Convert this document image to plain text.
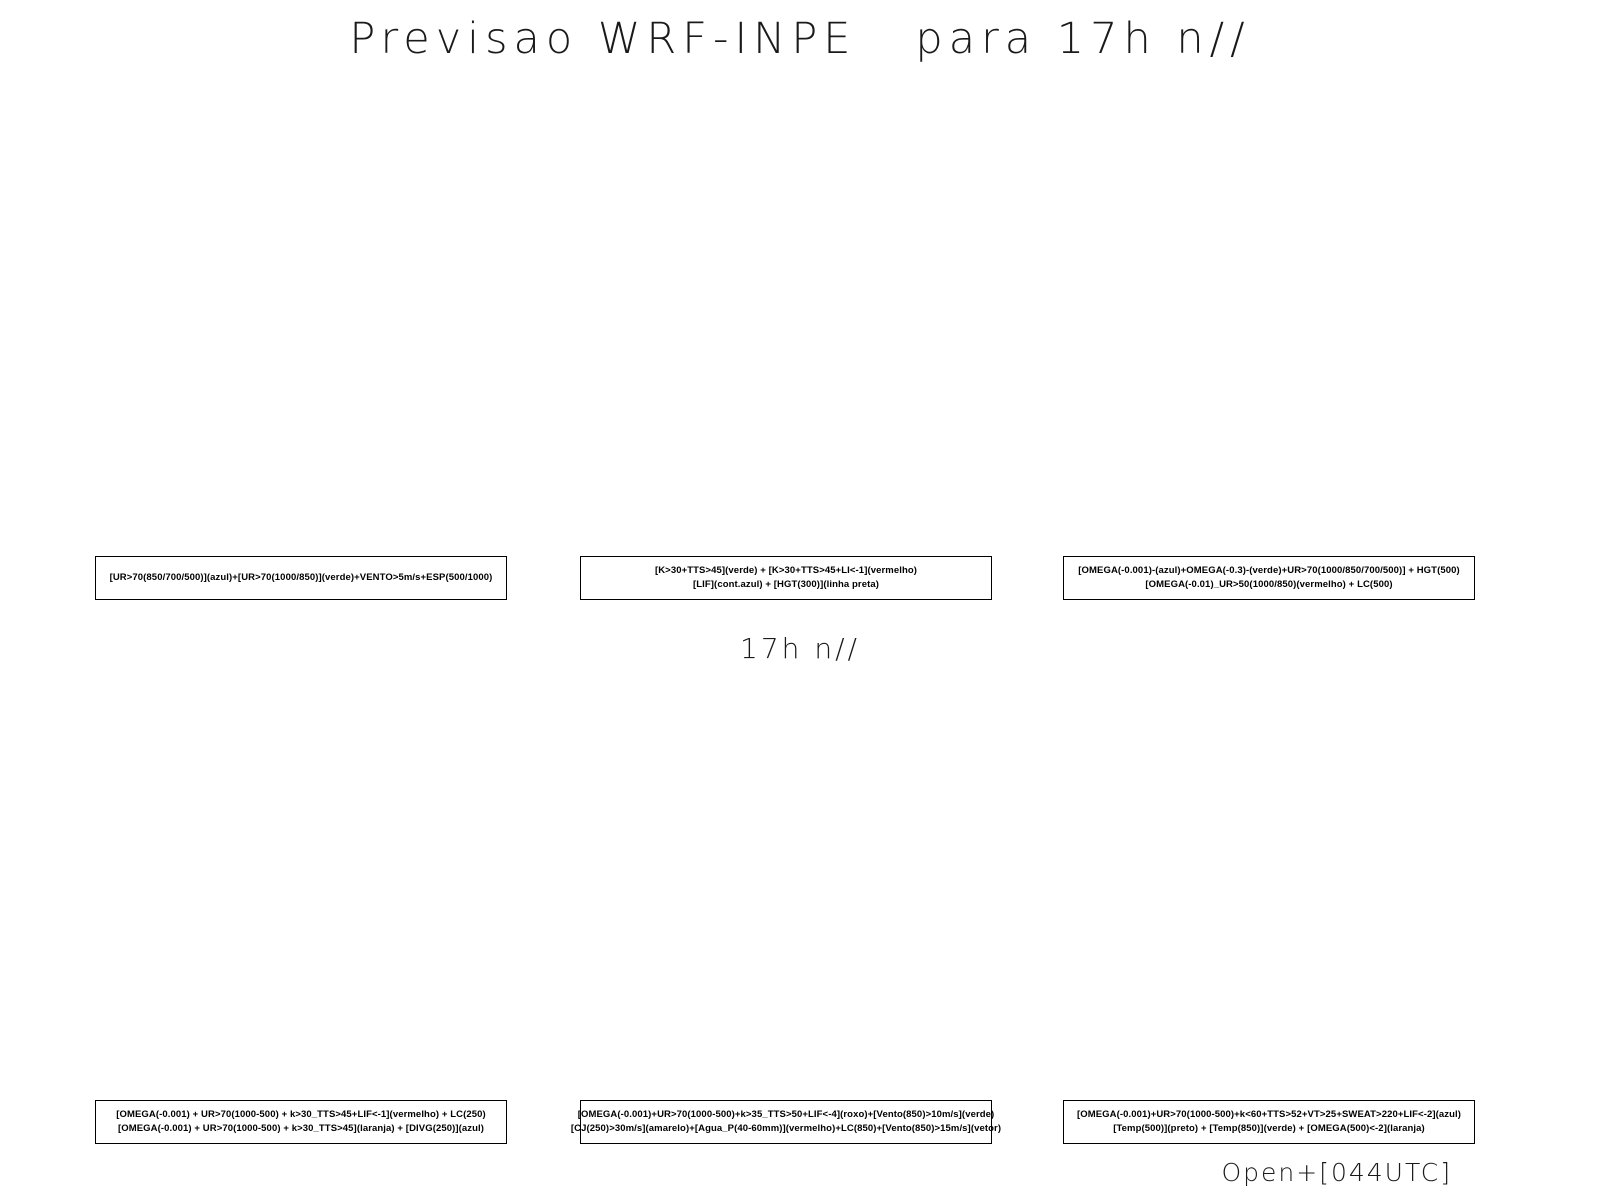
Previsao WRF-INPE   para 17h n//
[UR>70(850/700/500)](azul)+[UR>70(1000/850)](verde)+VENTO>5m/s+ESP(500/1000)
[K>30+TTS>45](verde) + [K>30+TTS>45+LI<-1](vermelho)
[LIF](cont.azul) + [HGT(300)](linha preta)
[OMEGA(-0.001)-(azul)+OMEGA(-0.3)-(verde)+UR>70(1000/850/700/500)] + HGT(500)
[OMEGA(-0.01)_UR>50(1000/850)(vermelho) + LC(500)
17h n//
[OMEGA(-0.001) + UR>70(1000-500) + k>30_TTS>45+LIF<-1](vermelho) + LC(250)
[OMEGA(-0.001) + UR>70(1000-500) + k>30_TTS>45](laranja) + [DIVG(250)](azul)
[OMEGA(-0.001)+UR>70(1000-500)+k>35_TTS>50+LIF<-4](roxo)+[Vento(850)>10m/s](verde)
[CJ(250)>30m/s](amarelo)+[Agua_P(40-60mm)](vermelho)+LC(850)+[Vento(850)>15m/s](vetor)
[OMEGA(-0.001)+UR>70(1000-500)+k<60+TTS>52+VT>25+SWEAT>220+LIF<-2](azul)
[Temp(500)](preto) + [Temp(850)](verde) + [OMEGA(500)<-2](laranja)
Open+[044UTC]
